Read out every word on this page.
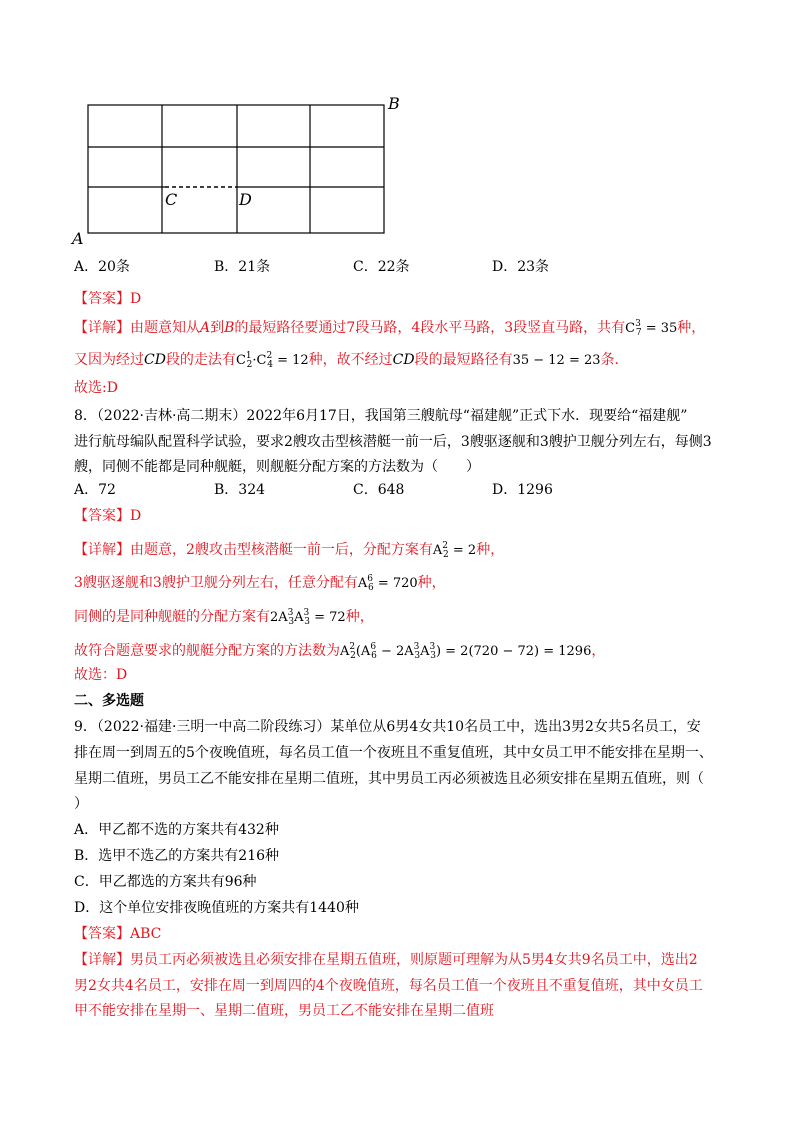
B
C	D
A
A．20条	B．21条	C．22条	D．23条
【答案】D
【详解】由题意知从A到B的最短路径要通过7段马路，4段水平马路，3段竖直马路，共有$C^3_7 = 35$种，
又因为经过CD段的走法有$C^1_2\cdot C^2_4 = 12$种，故不经过CD段的最短路径有35 − 12 = 23条.
故选:D
8．（2022·吉林·高二期末）2022年6月17日，我国第三艘航母“福建舰”正式下水．现要给“福建舰”
进行航母编队配置科学试验，要求2艘攻击型核潜艇一前一后，3艘驱逐舰和3艘护卫舰分列左右，每侧3
艘，同侧不能都是同种舰艇，则舰艇分配方案的方法数为（　　）
A．72	B．324	C．648	D．1296
【答案】D
【详解】由题意，2艘攻击型核潜艇一前一后，分配方案有$A^2_2 = 2$种，
3艘驱逐舰和3艘护卫舰分列左右，任意分配有$A^6_6 = 720$种，
同侧的是同种舰艇的分配方案有$2A^3_3A^3_3 = 72$种，
故符合题意要求的舰艇分配方案的方法数为$A^2_2(A^6_6 - 2A^3_3A^3_3) = 2(720 - 72) = 1296$，
故选：D
二、多选题
9．（2022·福建·三明一中高二阶段练习）某单位从6男4女共10名员工中，选出3男2女共5名员工，安
排在周一到周五的5个夜晚值班，每名员工值一个夜班且不重复值班，其中女员工甲不能安排在星期一、
星期二值班，男员工乙不能安排在星期二值班，其中男员工丙必须被选且必须安排在星期五值班，则（
）
A．甲乙都不选的方案共有432种
B．选甲不选乙的方案共有216种
C．甲乙都选的方案共有96种
D．这个单位安排夜晚值班的方案共有1440种
【答案】ABC
【详解】男员工丙必须被选且必须安排在星期五值班，则原题可理解为从5男4女共9名员工中，选出2
男2女共4名员工，安排在周一到周四的4个夜晚值班，每名员工值一个夜班且不重复值班，其中女员工
甲不能安排在星期一、星期二值班，男员工乙不能安排在星期二值班
